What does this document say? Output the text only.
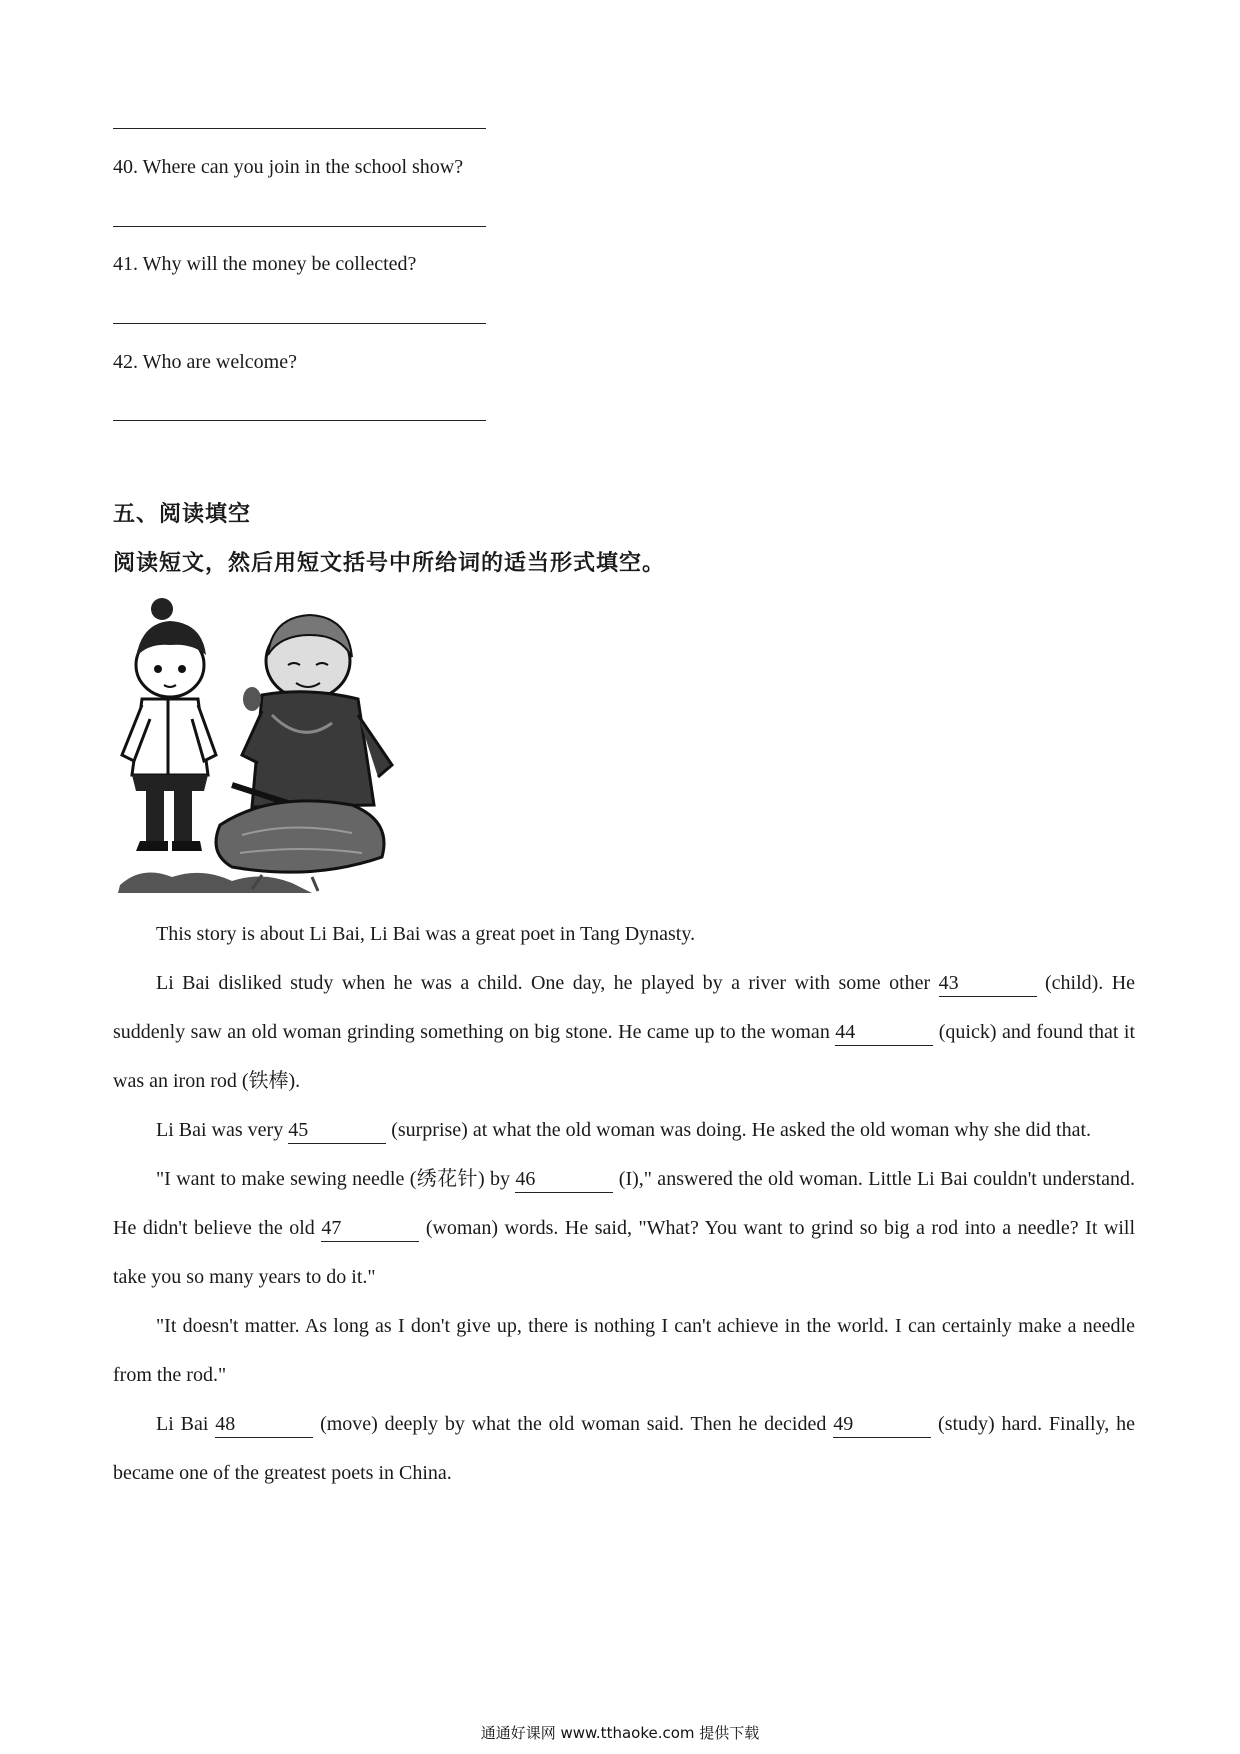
40. Where can you join in the school show?
41. Why will the money be collected?
42. Who are welcome?
五、阅读填空
阅读短文，然后用短文括号中所给词的适当形式填空。

This story is about Li Bai, Li Bai was a great poet in Tang Dynasty.

Li Bai disliked study when he was a child. One day, he played by a river with some other 43	(child). He suddenly saw an old woman grinding something on big stone. He came up to the woman 44	(quick) and found that it was an iron rod (铁棒).

Li Bai was very 45	(surprise) at what the old woman was doing. He asked the old woman why she did that.

"I want to make sewing needle (绣花针) by 46	(I)," answered the old woman. Little Li Bai couldn't understand. He didn't believe the old 47	(woman) words. He said, "What? You want to grind so big a rod into a needle? It will take you so many years to do it."

"It doesn't matter. As long as I don't give up, there is nothing I can't achieve in the world. I can certainly make a needle from the rod."

Li Bai 48	(move) deeply by what the old woman said. Then he decided 49	(study) hard. Finally, he became one of the greatest poets in China.

通通好课网 www.tthaoke.com 提供下载
